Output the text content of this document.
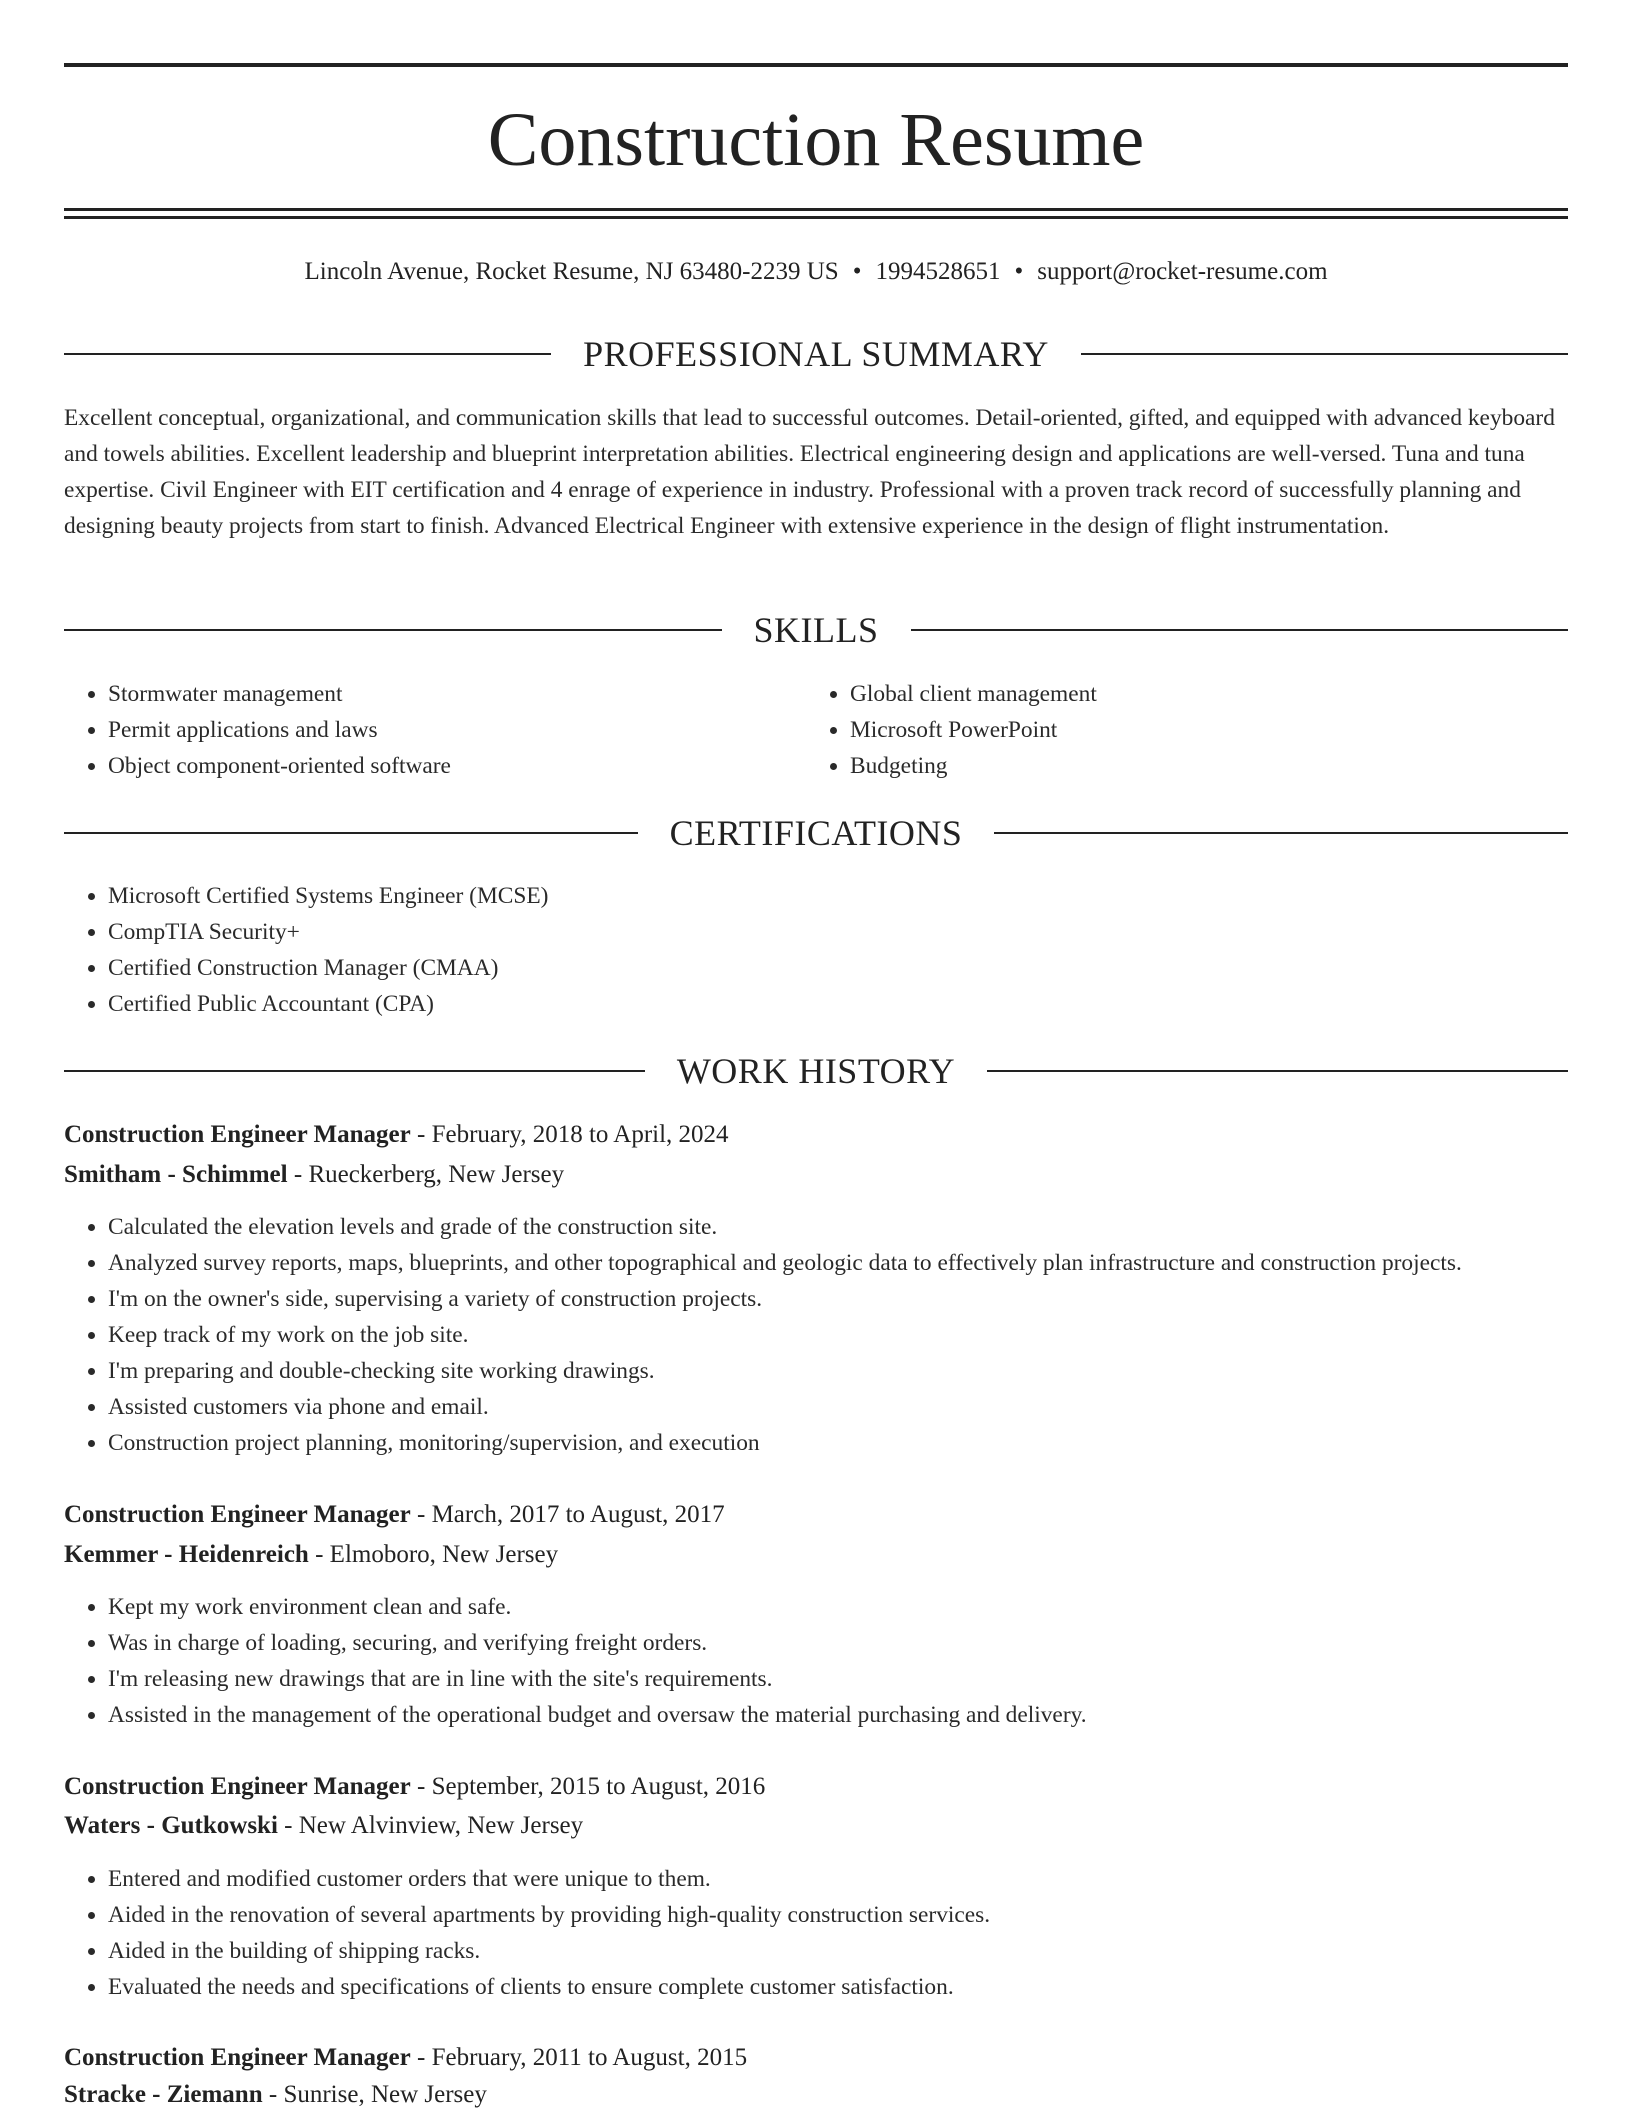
Construction Resume
Lincoln Avenue, Rocket Resume, NJ 63480-2239 US • 1994528651 • support@rocket-resume.com
PROFESSIONAL SUMMARY

Excellent conceptual, organizational, and communication skills that lead to successful outcomes. Detail-oriented, gifted, and equipped with advanced keyboard and towels abilities. Excellent leadership and blueprint interpretation abilities. Electrical engineering design and applications are well-versed. Tuna and tuna expertise. Civil Engineer with EIT certification and 4 enrage of experience in industry. Professional with a proven track record of successfully planning and designing beauty projects from start to finish. Advanced Electrical Engineer with extensive experience in the design of flight instrumentation.

SKILLS
• Stormwater management
• Permit applications and laws
• Object component-oriented software
• Global client management
• Microsoft PowerPoint
• Budgeting
CERTIFICATIONS
• Microsoft Certified Systems Engineer (MCSE)
• CompTIA Security+
• Certified Construction Manager (CMAA)
• Certified Public Accountant (CPA)
WORK HISTORY
Construction Engineer Manager - February, 2018 to April, 2024
Smitham - Schimmel - Rueckerberg, New Jersey
• Calculated the elevation levels and grade of the construction site.
• Analyzed survey reports, maps, blueprints, and other topographical and geologic data to effectively plan infrastructure and construction projects.
• I'm on the owner's side, supervising a variety of construction projects.
• Keep track of my work on the job site.
• I'm preparing and double-checking site working drawings.
• Assisted customers via phone and email.
• Construction project planning, monitoring/supervision, and execution
Construction Engineer Manager - March, 2017 to August, 2017
Kemmer - Heidenreich - Elmoboro, New Jersey
• Kept my work environment clean and safe.
• Was in charge of loading, securing, and verifying freight orders.
• I'm releasing new drawings that are in line with the site's requirements.
• Assisted in the management of the operational budget and oversaw the material purchasing and delivery.
Construction Engineer Manager - September, 2015 to August, 2016
Waters - Gutkowski - New Alvinview, New Jersey
• Entered and modified customer orders that were unique to them.
• Aided in the renovation of several apartments by providing high-quality construction services.
• Aided in the building of shipping racks.
• Evaluated the needs and specifications of clients to ensure complete customer satisfaction.
Construction Engineer Manager - February, 2011 to August, 2015
Stracke - Ziemann - Sunrise, New Jersey
